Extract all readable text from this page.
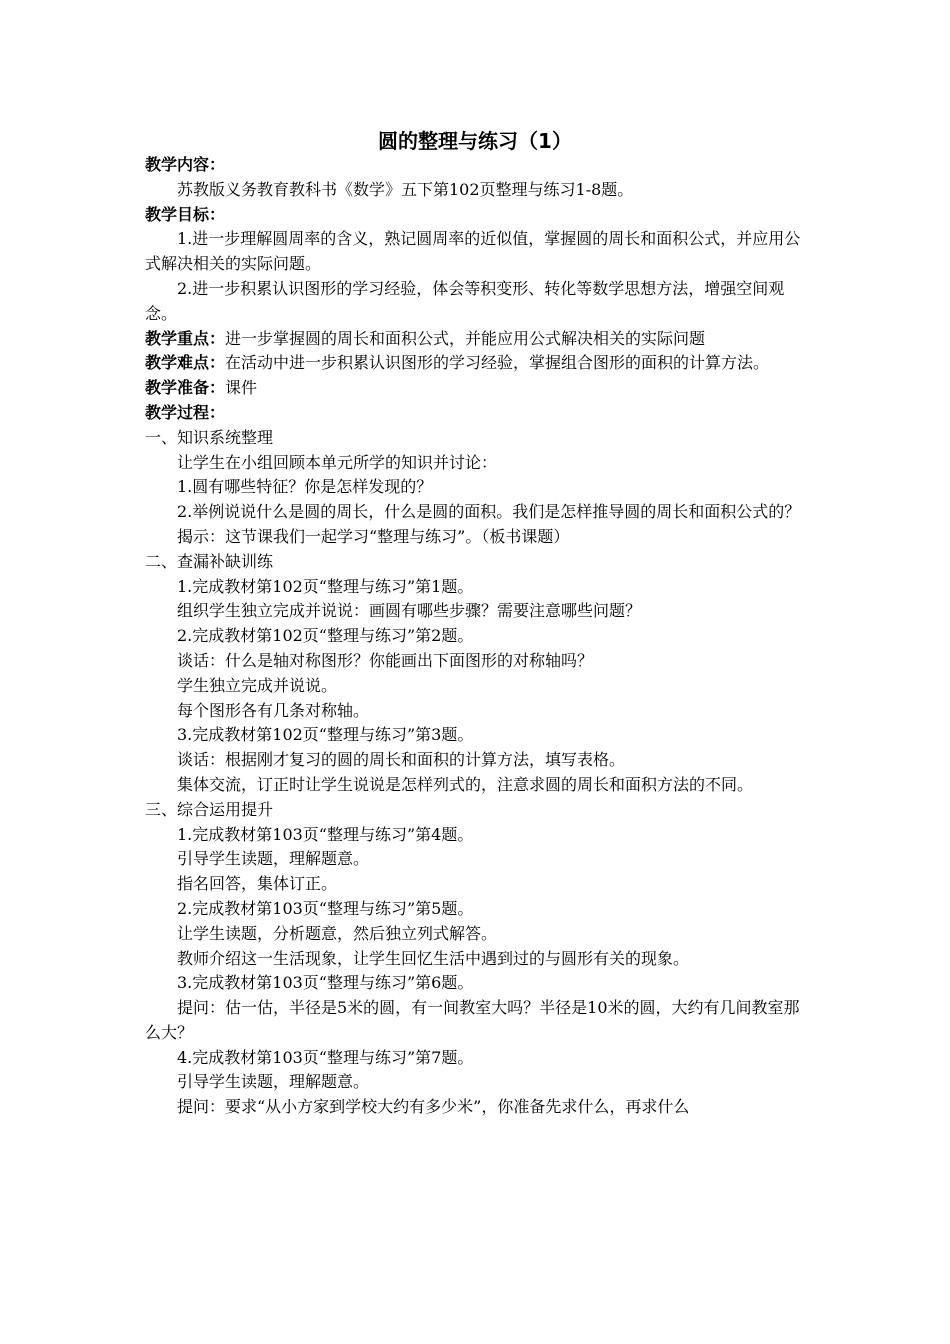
圆的整理与练习（1）

教学内容：

苏教版义务教育教科书《数学》五下第102页整理与练习1-8题。

教学目标：

1.进一步理解圆周率的含义，熟记圆周率的近似值，掌握圆的周长和面积公式，并应用公式解决相关的实际问题。

2.进一步积累认识图形的学习经验，体会等积变形、转化等数学思想方法，增强空间观念。

教学重点：进一步掌握圆的周长和面积公式，并能应用公式解决相关的实际问题

教学难点：在活动中进一步积累认识图形的学习经验，掌握组合图形的面积的计算方法。

教学准备：课件

教学过程：

一、知识系统整理

让学生在小组回顾本单元所学的知识并讨论：

1.圆有哪些特征？你是怎样发现的？

2.举例说说什么是圆的周长，什么是圆的面积。我们是怎样推导圆的周长和面积公式的？

揭示：这节课我们一起学习“整理与练习”。（板书课题）

二、查漏补缺训练

1.完成教材第102页“整理与练习”第1题。

组织学生独立完成并说说：画圆有哪些步骤？需要注意哪些问题？

2.完成教材第102页“整理与练习”第2题。

谈话：什么是轴对称图形？你能画出下面图形的对称轴吗？

学生独立完成并说说。

每个图形各有几条对称轴。

3.完成教材第102页“整理与练习”第3题。

谈话：根据刚才复习的圆的周长和面积的计算方法，填写表格。

集体交流，订正时让学生说说是怎样列式的，注意求圆的周长和面积方法的不同。

三、综合运用提升

1.完成教材第103页“整理与练习”第4题。

引导学生读题，理解题意。

指名回答，集体订正。

2.完成教材第103页“整理与练习”第5题。

让学生读题，分析题意，然后独立列式解答。

教师介绍这一生活现象，让学生回忆生活中遇到过的与圆形有关的现象。

3.完成教材第103页“整理与练习”第6题。

提问：估一估，半径是5米的圆，有一间教室大吗？半径是10米的圆，大约有几间教室那么大？

4.完成教材第103页“整理与练习”第7题。

引导学生读题，理解题意。

提问：要求“从小方家到学校大约有多少米”，你准备先求什么，再求什么
